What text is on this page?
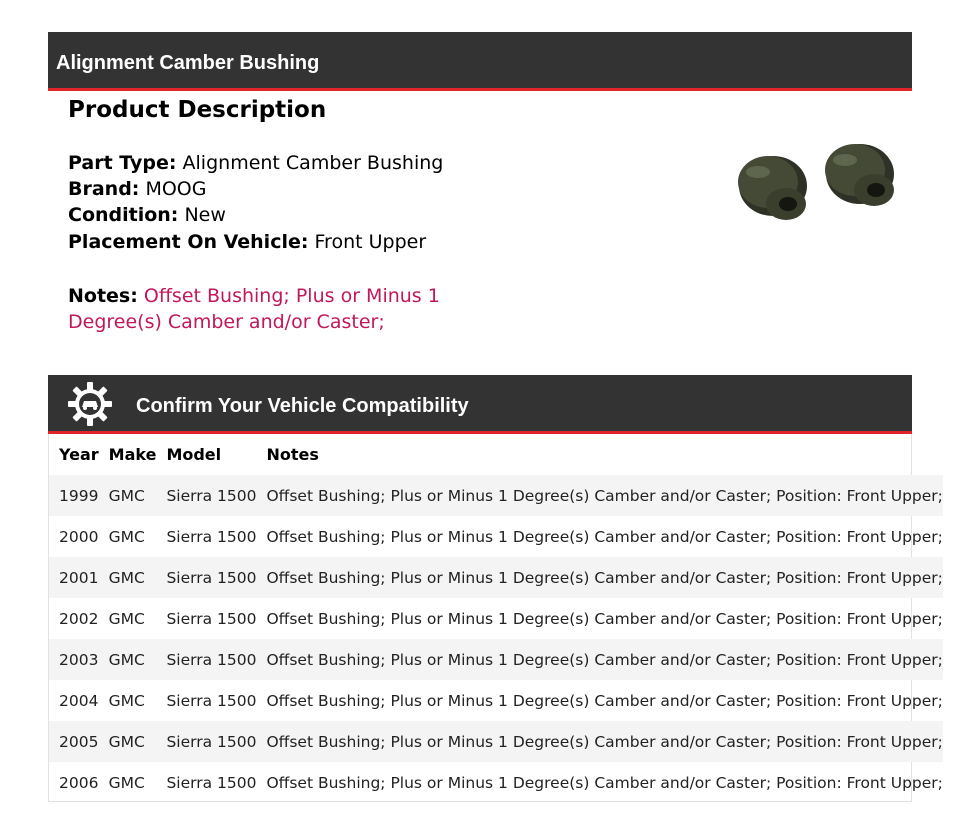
Alignment Camber Bushing
Product Description
Part Type: Alignment Camber Bushing
Brand: MOOG
Condition: New
Placement On Vehicle: Front Upper
Notes: Offset Bushing; Plus or Minus 1 Degree(s) Camber and/or Caster;
Confirm Your Vehicle Compatibility
Year	Make	Model	Notes
1999	GMC	Sierra 1500	Offset Bushing; Plus or Minus 1 Degree(s) Camber and/or Caster; Position: Front Upper;
2000	GMC	Sierra 1500	Offset Bushing; Plus or Minus 1 Degree(s) Camber and/or Caster; Position: Front Upper;
2001	GMC	Sierra 1500	Offset Bushing; Plus or Minus 1 Degree(s) Camber and/or Caster; Position: Front Upper;
2002	GMC	Sierra 1500	Offset Bushing; Plus or Minus 1 Degree(s) Camber and/or Caster; Position: Front Upper;
2003	GMC	Sierra 1500	Offset Bushing; Plus or Minus 1 Degree(s) Camber and/or Caster; Position: Front Upper;
2004	GMC	Sierra 1500	Offset Bushing; Plus or Minus 1 Degree(s) Camber and/or Caster; Position: Front Upper;
2005	GMC	Sierra 1500	Offset Bushing; Plus or Minus 1 Degree(s) Camber and/or Caster; Position: Front Upper;
2006	GMC	Sierra 1500	Offset Bushing; Plus or Minus 1 Degree(s) Camber and/or Caster; Position: Front Upper;
